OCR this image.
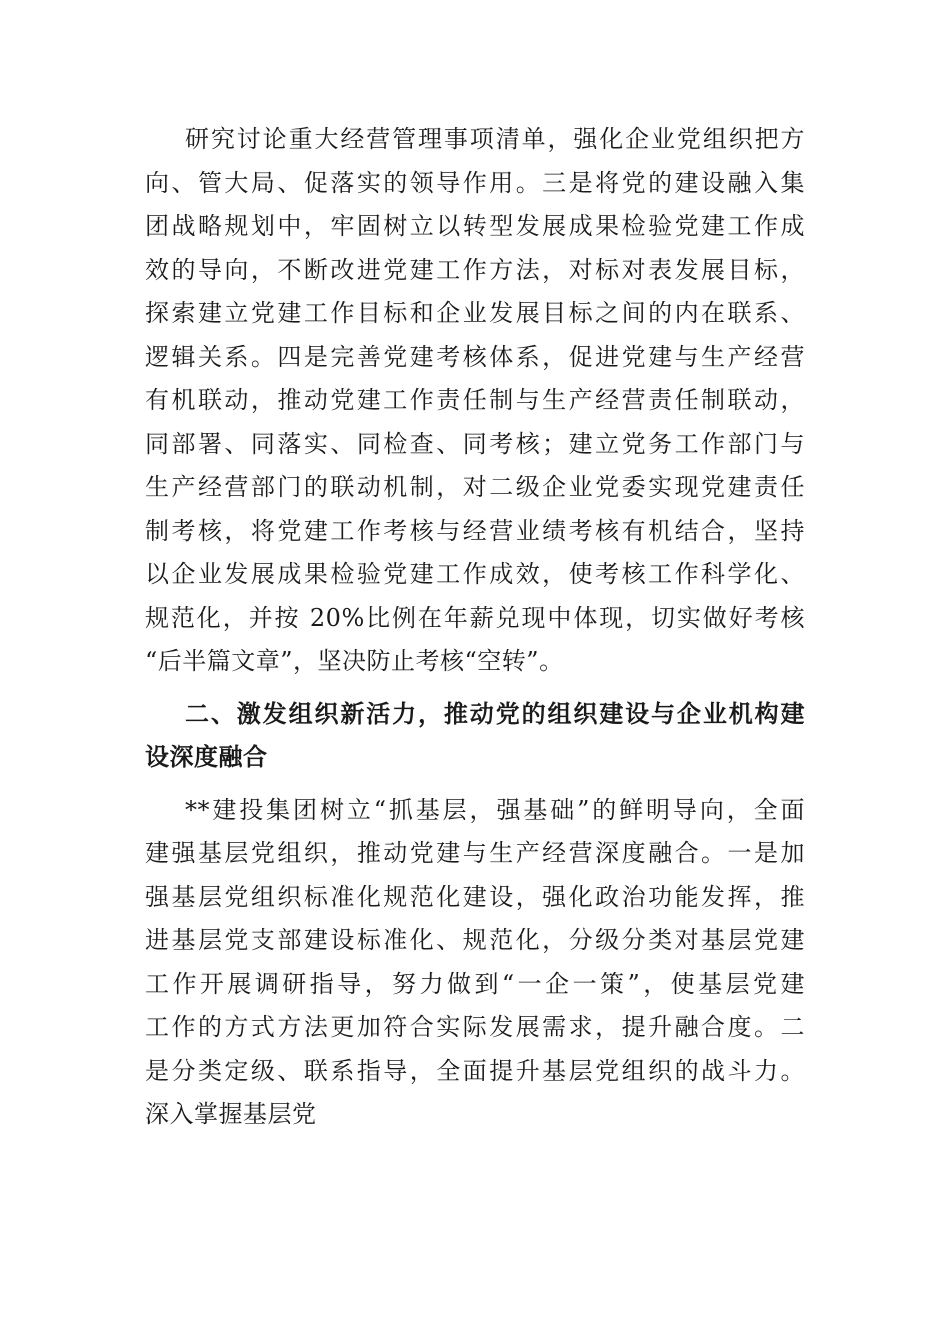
研究讨论重大经营管理事项清单，强化企业党组织把方
向、管大局、促落实的领导作用。三是将党的建设融入集
团战略规划中，牢固树立以转型发展成果检验党建工作成
效的导向，不断改进党建工作方法，对标对表发展目标，
探索建立党建工作目标和企业发展目标之间的内在联系、
逻辑关系。四是完善党建考核体系，促进党建与生产经营
有机联动，推动党建工作责任制与生产经营责任制联动，
同部署、同落实、同检查、同考核；建立党务工作部门与
生产经营部门的联动机制，对二级企业党委实现党建责任
制考核，将党建工作考核与经营业绩考核有机结合，坚持
以企业发展成果检验党建工作成效，使考核工作科学化、
规范化，并按 20%比例在年薪兑现中体现，切实做好考核
“后半篇文章”，坚决防止考核“空转”。

二、激发组织新活力，推动党的组织建设与企业机构建
设深度融合

**建投集团树立“抓基层，强基础”的鲜明导向，全面
建强基层党组织，推动党建与生产经营深度融合。一是加
强基层党组织标准化规范化建设，强化政治功能发挥，推
进基层党支部建设标准化、规范化，分级分类对基层党建
工作开展调研指导，努力做到“一企一策”，使基层党建
工作的方式方法更加符合实际发展需求，提升融合度。二
是分类定级、联系指导，全面提升基层党组织的战斗力。
深入掌握基层党
